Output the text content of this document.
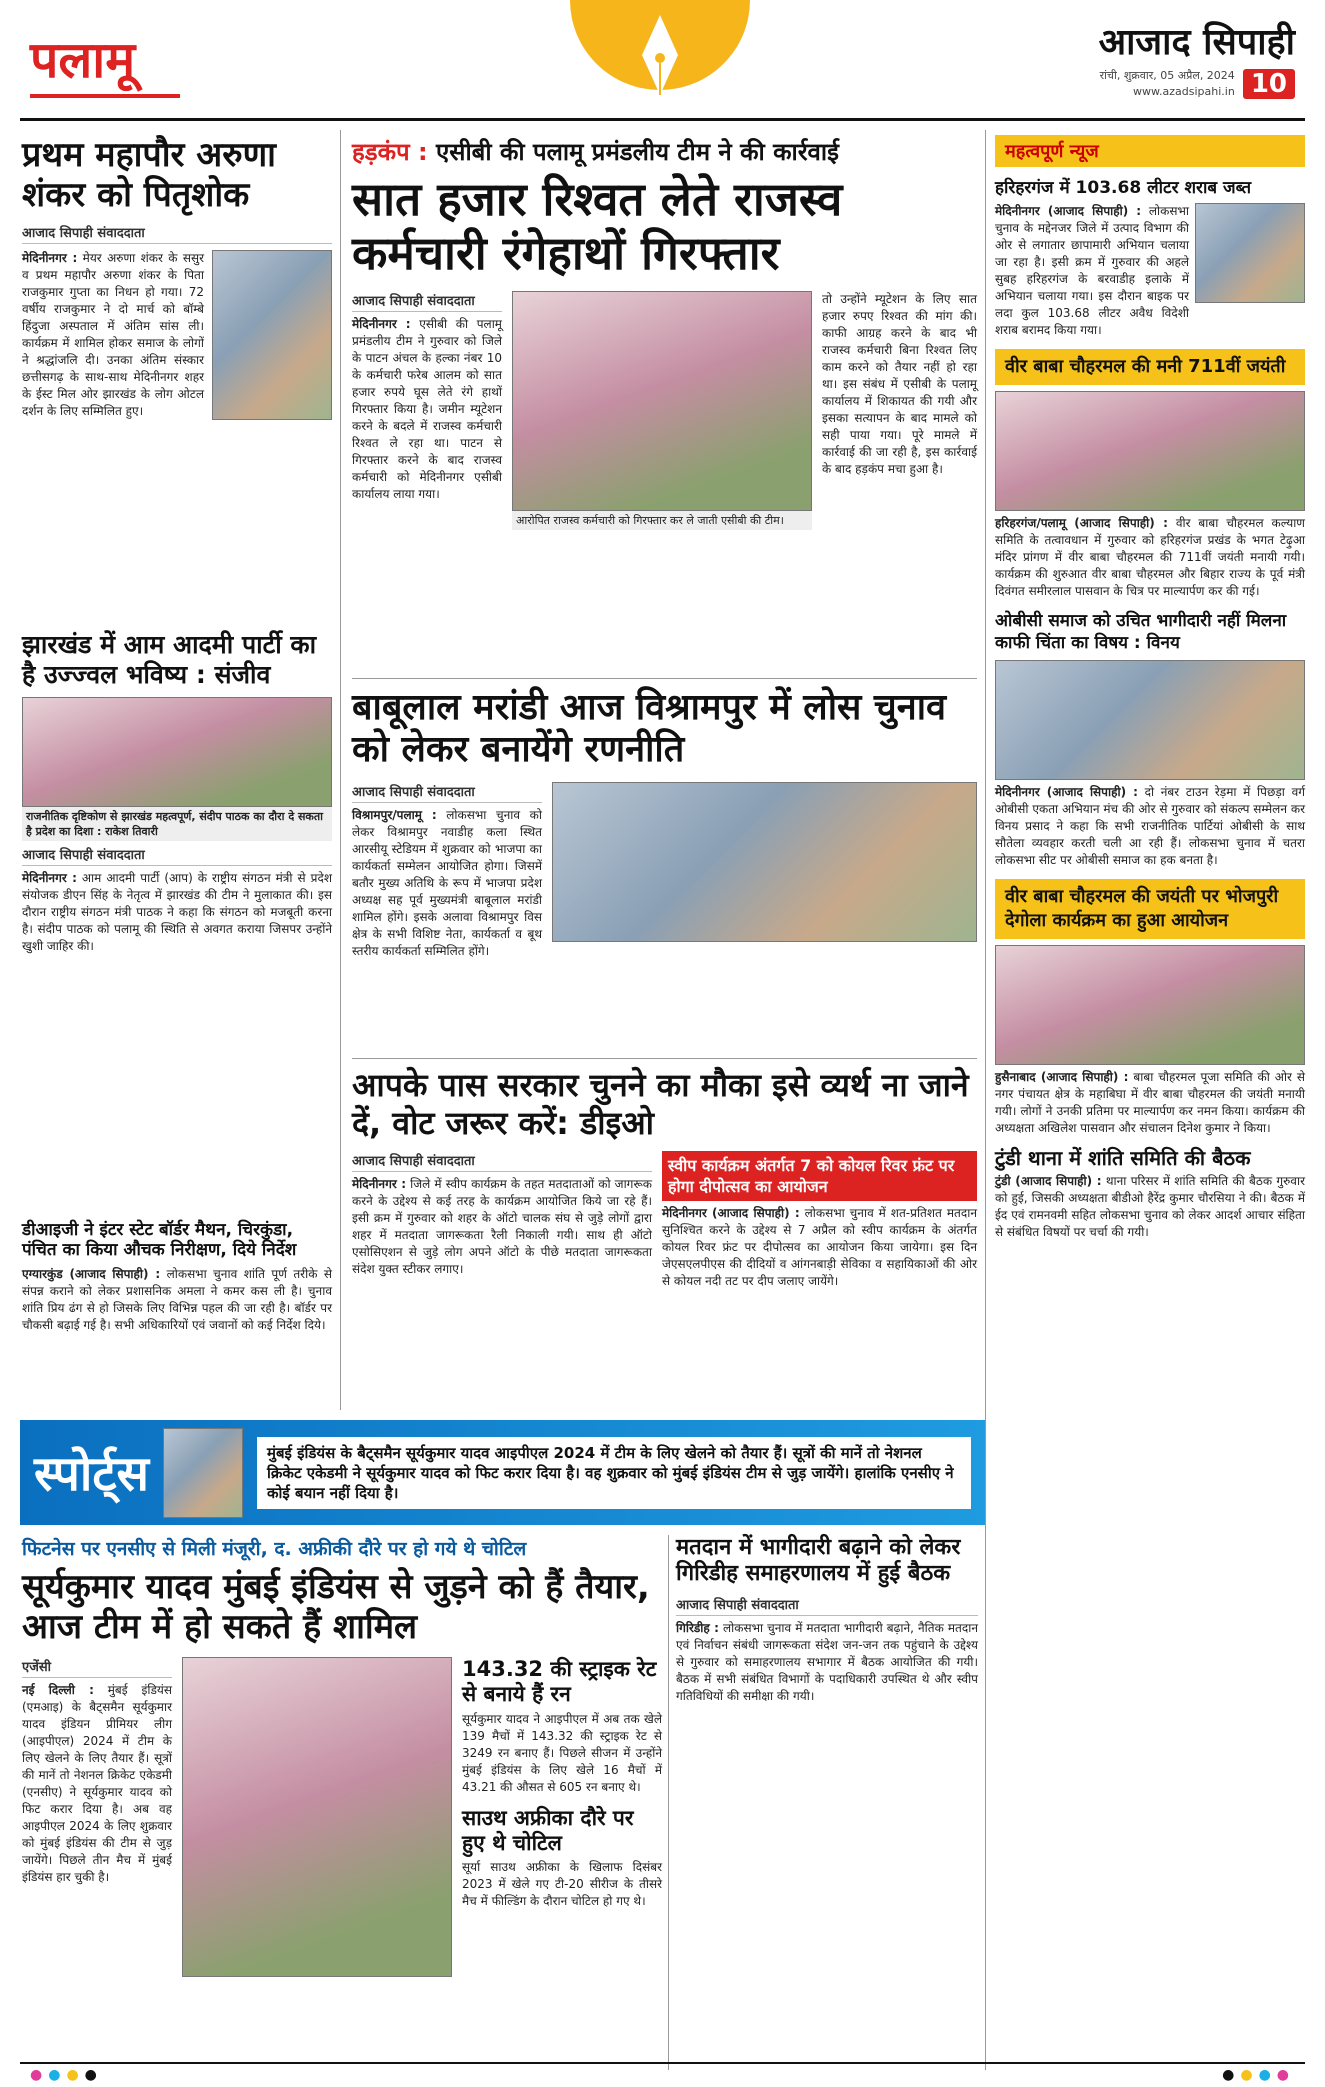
पलामू	आजाद सिपाही
रांची, शुक्रवार, 05 अप्रैल, 2024
www.azadsipahi.in 10
प्रथम महापौर अरुणा शंकर को पितृशोक
आजाद सिपाही संवाददाता
मेदिनीनगर : मेयर अरुणा शंकर के ससुर व प्रथम महापौर अरुणा शंकर के पिता राजकुमार गुप्ता का निधन हो गया। 72 वर्षीय राजकुमार ने दो मार्च को बॉम्बे हिंदुजा अस्पताल में अंतिम सांस ली। कार्यक्रम में शामिल होकर समाज के लोगों ने श्रद्धांजलि दी। उनका अंतिम संस्कार छत्तीसगढ़ के साथ-साथ मेदिनीनगर शहर के ईस्ट मिल ओर झारखंड के लोग ओटल दर्शन के लिए सम्मिलित हुए।
झारखंड में आम आदमी पार्टी का है उज्ज्वल भविष्य : संजीव
राजनीतिक दृष्टिकोण से झारखंड महत्वपूर्ण, संदीप पाठक का दौरा दे सकता है प्रदेश का दिशा : राकेश तिवारी
आजाद सिपाही संवाददाता
मेदिनीनगर : आम आदमी पार्टी (आप) के राष्ट्रीय संगठन मंत्री से प्रदेश संयोजक डीएन सिंह के नेतृत्व में झारखंड की टीम ने मुलाकात की। इस दौरान राष्ट्रीय संगठन मंत्री पाठक ने कहा कि संगठन को मजबूती करना है। संदीप पाठक को पलामू की स्थिति से अवगत कराया जिसपर उन्होंने खुशी जाहिर की।
डीआइजी ने इंटर स्टेट बॉर्डर मैथन, चिरकुंडा, पंचित का किया औचक निरीक्षण, दिये निर्देश
एग्यारकुंड (आजाद सिपाही) : लोकसभा चुनाव शांति पूर्ण तरीके से संपन्न कराने को लेकर प्रशासनिक अमला ने कमर कस ली है। चुनाव शांति प्रिय ढंग से हो जिसके लिए विभिन्न पहल की जा रही है। बॉर्डर पर चौकसी बढ़ाई गई है। सभी अधिकारियों एवं जवानों को कई निर्देश दिये।
हड़कंप : एसीबी की पलामू प्रमंडलीय टीम ने की कार्रवाई
सात हजार रिश्वत लेते राजस्व कर्मचारी रंगेहाथों गिरफ्तार
आजाद सिपाही संवाददाता
मेदिनीनगर : एसीबी की पलामू प्रमंडलीय टीम ने गुरुवार को जिले के पाटन अंचल के हल्का नंबर 10 के कर्मचारी फरेब आलम को सात हजार रुपये घूस लेते रंगे हाथों गिरफ्तार किया है। जमीन म्यूटेशन करने के बदले में राजस्व कर्मचारी रिश्वत ले रहा था। पाटन से गिरफ्तार करने के बाद राजस्व कर्मचारी को मेदिनीनगर एसीबी कार्यालय लाया गया।
आरोपित राजस्व कर्मचारी को गिरफ्तार कर ले जाती एसीबी की टीम।
तो उन्होंने म्यूटेशन के लिए सात हजार रुपए रिश्वत की मांग की। काफी आग्रह करने के बाद भी राजस्व कर्मचारी बिना रिश्वत लिए काम करने को तैयार नहीं हो रहा था। इस संबंध में एसीबी के पलामू कार्यालय में शिकायत की गयी और इसका सत्यापन के बाद मामले को सही पाया गया। पूरे मामले में कार्रवाई की जा रही है, इस कार्रवाई के बाद हड़कंप मचा हुआ है।
बाबूलाल मरांडी आज विश्रामपुर में लोस चुनाव को लेकर बनायेंगे रणनीति
आजाद सिपाही संवाददाता
विश्रामपुर/पलामू : लोकसभा चुनाव को लेकर विश्रामपुर नवाडीह कला स्थित आरसीयू स्टेडियम में शुक्रवार को भाजपा का कार्यकर्ता सम्मेलन आयोजित होगा। जिसमें बतौर मुख्य अतिथि के रूप में भाजपा प्रदेश अध्यक्ष सह पूर्व मुख्यमंत्री बाबूलाल मरांडी शामिल होंगे। इसके अलावा विश्रामपुर विस क्षेत्र के सभी विशिष्ट नेता, कार्यकर्ता व बूथ स्तरीय कार्यकर्ता सम्मिलित होंगे।
आपके पास सरकार चुनने का मौका इसे व्यर्थ ना जाने दें, वोट जरूर करें: डीइओ
आजाद सिपाही संवाददाता
मेदिनीनगर : जिले में स्वीप कार्यक्रम के तहत मतदाताओं को जागरूक करने के उद्देश्य से कई तरह के कार्यक्रम आयोजित किये जा रहे हैं। इसी क्रम में गुरुवार को शहर के ऑटो चालक संघ से जुड़े लोगों द्वारा शहर में मतदाता जागरूकता रैली निकाली गयी। साथ ही ऑटो एसोसिएशन से जुड़े लोग अपने ऑटो के पीछे मतदाता जागरूकता संदेश युक्त स्टीकर लगाए।
स्वीप कार्यक्रम अंतर्गत 7 को कोयल रिवर फ्रंट पर होगा दीपोत्सव का आयोजन
मेदिनीनगर (आजाद सिपाही) : लोकसभा चुनाव में शत-प्रतिशत मतदान सुनिश्चित करने के उद्देश्य से 7 अप्रैल को स्वीप कार्यक्रम के अंतर्गत कोयल रिवर फ्रंट पर दीपोत्सव का आयोजन किया जायेगा। इस दिन जेएसएलपीएस की दीदियों व आंगनबाड़ी सेविका व सहायिकाओं की ओर से कोयल नदी तट पर दीप जलाए जायेंगे।
स्पोर्ट्स	मुंबई इंडियंस के बैट्समैन सूर्यकुमार यादव आइपीएल 2024 में टीम के लिए खेलने को तैयार हैं। सूत्रों की मानें तो नेशनल क्रिकेट एकेडमी ने सूर्यकुमार यादव को फिट करार दिया है। वह शुक्रवार को मुंबई इंडियंस टीम से जुड़ जायेंगे। हालांकि एनसीए ने कोई बयान नहीं दिया है।
फिटनेस पर एनसीए से मिली मंजूरी, द. अफ्रीकी दौरे पर हो गये थे चोटिल
सूर्यकुमार यादव मुंबई इंडियंस से जुड़ने को हैं तैयार, आज टीम में हो सकते हैं शामिल
एजेंसी
नई दिल्ली : मुंबई इंडियंस (एमआइ) के बैट्समैन सूर्यकुमार यादव इंडियन प्रीमियर लीग (आइपीएल) 2024 में टीम के लिए खेलने के लिए तैयार हैं। सूत्रों की मानें तो नेशनल क्रिकेट एकेडमी (एनसीए) ने सूर्यकुमार यादव को फिट करार दिया है। अब वह आइपीएल 2024 के लिए शुक्रवार को मुंबई इंडियंस की टीम से जुड़ जायेंगे। पिछले तीन मैच में मुंबई इंडियंस हार चुकी है।
143.32 की स्ट्राइक रेट से बनाये हैं रन
सूर्यकुमार यादव ने आइपीएल में अब तक खेले 139 मैचों में 143.32 की स्ट्राइक रेट से 3249 रन बनाए हैं। पिछले सीजन में उन्होंने मुंबई इंडियंस के लिए खेले 16 मैचों में 43.21 की औसत से 605 रन बनाए थे।
साउथ अफ्रीका दौरे पर हुए थे चोटिल
सूर्या साउथ अफ्रीका के खिलाफ दिसंबर 2023 में खेले गए टी-20 सीरीज के तीसरे मैच में फील्डिंग के दौरान चोटिल हो गए थे।
मतदान में भागीदारी बढ़ाने को लेकर गिरिडीह समाहरणालय में हुई बैठक
आजाद सिपाही संवाददाता
गिरिडीह : लोकसभा चुनाव में मतदाता भागीदारी बढ़ाने, नैतिक मतदान एवं निर्वाचन संबंधी जागरूकता संदेश जन-जन तक पहुंचाने के उद्देश्य से गुरुवार को समाहरणालय सभागार में बैठक आयोजित की गयी। बैठक में सभी संबंधित विभागों के पदाधिकारी उपस्थित थे और स्वीप गतिविधियों की समीक्षा की गयी।
महत्वपूर्ण न्यूज
हरिहरगंज में 103.68 लीटर शराब जब्त
मेदिनीनगर (आजाद सिपाही) : लोकसभा चुनाव के मद्देनजर जिले में उत्पाद विभाग की ओर से लगातार छापामारी अभियान चलाया जा रहा है। इसी क्रम में गुरुवार की अहले सुबह हरिहरगंज के बरवाडीह इलाके में अभियान चलाया गया। इस दौरान बाइक पर लदा कुल 103.68 लीटर अवैध विदेशी शराब बरामद किया गया।
वीर बाबा चौहरमल की मनी 711वीं जयंती
हरिहरगंज/पलामू (आजाद सिपाही) : वीर बाबा चौहरमल कल्याण समिति के तत्वावधान में गुरुवार को हरिहरगंज प्रखंड के भगत टेढ़ुआ मंदिर प्रांगण में वीर बाबा चौहरमल की 711वीं जयंती मनायी गयी। कार्यक्रम की शुरुआत वीर बाबा चौहरमल और बिहार राज्य के पूर्व मंत्री दिवंगत समीरलाल पासवान के चित्र पर माल्यार्पण कर की गई।
ओबीसी समाज को उचित भागीदारी नहीं मिलना काफी चिंता का विषय : विनय
मेदिनीनगर (आजाद सिपाही) : दो नंबर टाउन रेड़मा में पिछड़ा वर्ग ओबीसी एकता अभियान मंच की ओर से गुरुवार को संकल्प सम्मेलन कर विनय प्रसाद ने कहा कि सभी राजनीतिक पार्टियां ओबीसी के साथ सौतेला व्यवहार करती चली आ रही हैं। लोकसभा चुनाव में चतरा लोकसभा सीट पर ओबीसी समाज का हक बनता है।
वीर बाबा चौहरमल की जयंती पर भोजपुरी देगोला कार्यक्रम का हुआ आयोजन
हुसैनाबाद (आजाद सिपाही) : बाबा चौहरमल पूजा समिति की ओर से नगर पंचायत क्षेत्र के महाबिघा में वीर बाबा चौहरमल की जयंती मनायी गयी। लोगों ने उनकी प्रतिमा पर माल्यार्पण कर नमन किया। कार्यक्रम की अध्यक्षता अखिलेश पासवान और संचालन दिनेश कुमार ने किया।
टुंडी थाना में शांति समिति की बैठक
टुंडी (आजाद सिपाही) : थाना परिसर में शांति समिति की बैठक गुरुवार को हुई, जिसकी अध्यक्षता बीडीओ हैरेंद्र कुमार चौरसिया ने की। बैठक में ईद एवं रामनवमी सहित लोकसभा चुनाव को लेकर आदर्श आचार संहिता से संबंधित विषयों पर चर्चा की गयी।
●●●●	●●●●
